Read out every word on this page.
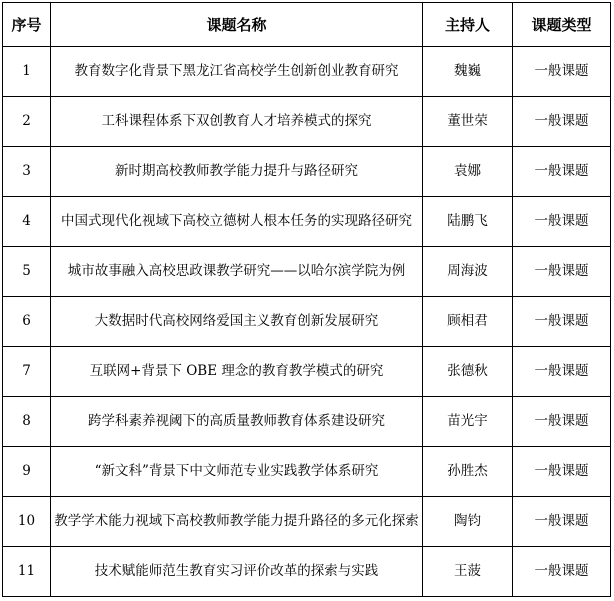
序号	课题名称	主持人	课题类型
1	教育数字化背景下黑龙江省高校学生创新创业教育研究	魏巍	一般课题
2	工科课程体系下双创教育人才培养模式的探究	董世荣	一般课题
3	新时期高校教师教学能力提升与路径研究	袁娜	一般课题
4	中国式现代化视域下高校立德树人根本任务的实现路径研究	陆鹏飞	一般课题
5	城市故事融入高校思政课教学研究——以哈尔滨学院为例	周海波	一般课题
6	大数据时代高校网络爱国主义教育创新发展研究	顾相君	一般课题
7	互联网+背景下 OBE 理念的教育教学模式的研究	张德秋	一般课题
8	跨学科素养视阈下的高质量教师教育体系建设研究	苗光宇	一般课题
9	“新文科”背景下中文师范专业实践教学体系研究	孙胜杰	一般课题
10	教学学术能力视域下高校教师教学能力提升路径的多元化探索	陶钧	一般课题
11	技术赋能师范生教育实习评价改革的探索与实践	王菠	一般课题
